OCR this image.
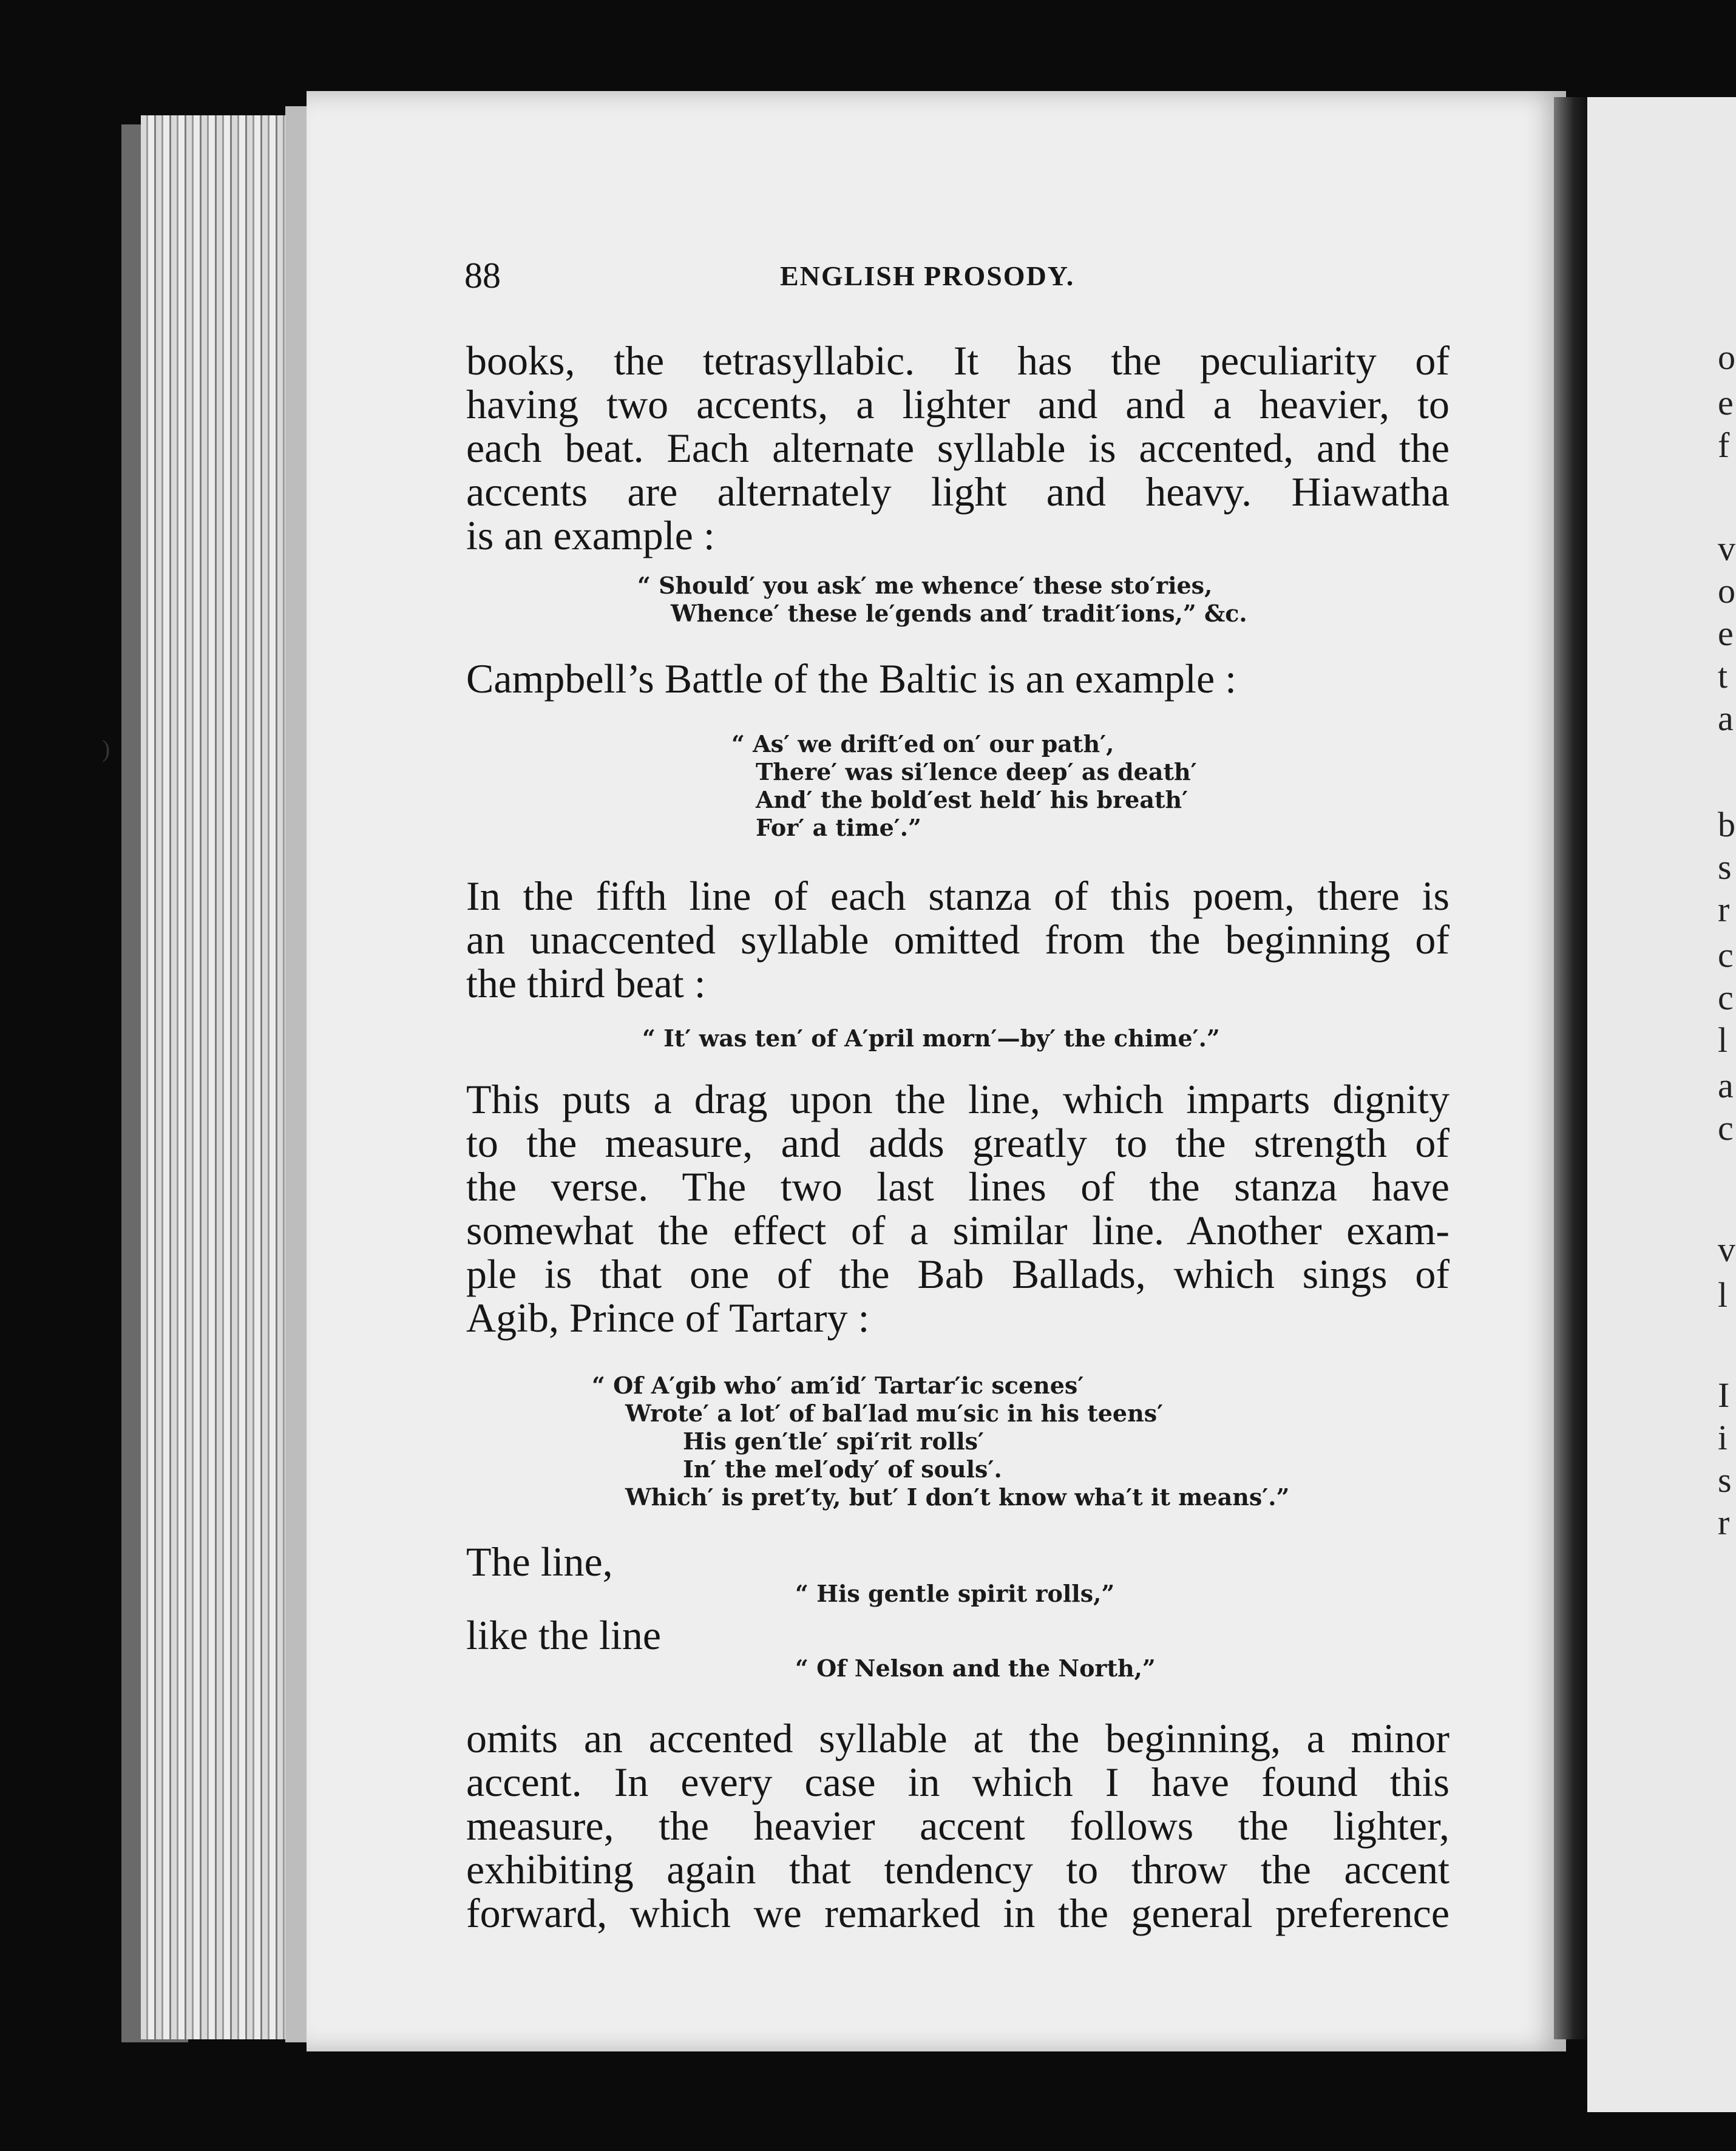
o
e
f
v
o
e
t
a
b
s
r
c
c
l
a
c
v
l
I
i
s
r
)
88	ENGLISH PROSODY.
books, the tetrasyllabic. It has the peculiarity of
having two accents, a lighter and and a heavier, to
each beat. Each alternate syllable is accented, and the
accents are alternately light and heavy. Hiawatha
is an example :
“ Should′ you ask′ me whence′ these sto′ries,
Whence′ these le′gends and′ tradit′ions,” &c.
Campbell’s Battle of the Baltic is an example :
“ As′ we drift′ed on′ our path′,
There′ was si′lence deep′ as death′
And′ the bold′est held′ his breath′
For′ a time′.”
In the fifth line of each stanza of this poem, there is
an unaccented syllable omitted from the beginning of
the third beat :
“ It′ was ten′ of A′pril morn′—by′ the chime′.”
This puts a drag upon the line, which imparts dignity
to the measure, and adds greatly to the strength of
the verse. The two last lines of the stanza have
somewhat the effect of a similar line. Another exam-
ple is that one of the Bab Ballads, which sings of
Agib, Prince of Tartary :
“ Of A′gib who′ am′id′ Tartar′ic scenes′
Wrote′ a lot′ of bal′lad mu′sic in his teens′
His gen′tle′ spi′rit rolls′
In′ the mel′ody′ of souls′.
Which′ is pret′ty, but′ I don′t know wha′t it means′.”
The line,
“ His gentle spirit rolls,”
like the line
“ Of Nelson and the North,”
omits an accented syllable at the beginning, a minor
accent. In every case in which I have found this
measure, the heavier accent follows the lighter,
exhibiting again that tendency to throw the accent
forward, which we remarked in the general preference
